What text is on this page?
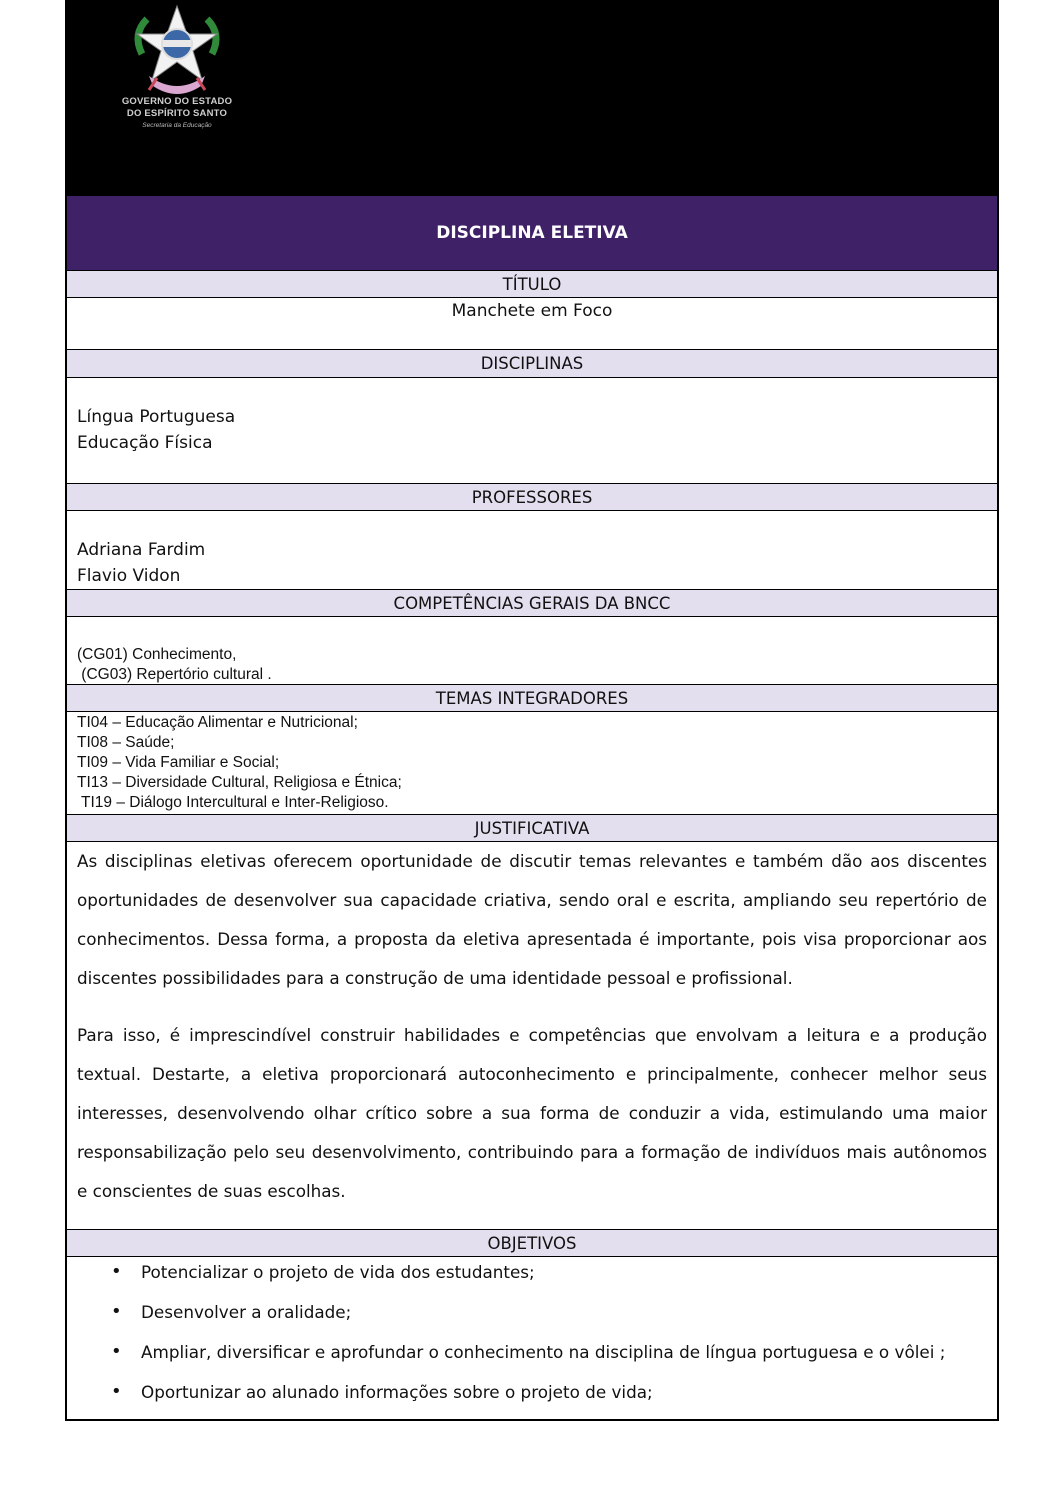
GOVERNO DO ESTADO
DO ESPÍRITO SANTO
Secretaria da Educação
DISCIPLINA ELETIVA
TÍTULO
Manchete em Foco
DISCIPLINAS
Língua Portuguesa
Educação Física
PROFESSORES
Adriana Fardim
Flavio Vidon
COMPETÊNCIAS GERAIS DA BNCC
(CG01) Conhecimento,
(CG03) Repertório cultural .
TEMAS INTEGRADORES
TI04 – Educação Alimentar e Nutricional;
TI08 – Saúde;
TI09 – Vida Familiar e Social;
TI13 – Diversidade Cultural, Religiosa e Étnica;
TI19 – Diálogo Intercultural e Inter-Religioso.
JUSTIFICATIVA

As disciplinas eletivas oferecem oportunidade de discutir temas relevantes e também dão aos discentes oportunidades de desenvolver sua capacidade criativa, sendo oral e escrita, ampliando seu repertório de conhecimentos. Dessa forma, a proposta da eletiva apresentada é importante, pois visa proporcionar aos discentes possibilidades para a construção de uma identidade pessoal e profissional.

Para isso, é imprescindível construir habilidades e competências que envolvam a leitura e a produção textual. Destarte, a eletiva proporcionará autoconhecimento e principalmente, conhecer melhor seus interesses, desenvolvendo olhar crítico sobre a sua forma de conduzir a vida, estimulando uma maior responsabilização pelo seu desenvolvimento, contribuindo para a formação de indivíduos mais autônomos e conscientes de suas escolhas.

OBJETIVOS
• Potencializar o projeto de vida dos estudantes;
• Desenvolver a oralidade;
• Ampliar, diversificar e aprofundar o conhecimento na disciplina de língua portuguesa e o vôlei ;
• Oportunizar ao alunado informações sobre o projeto de vida;
